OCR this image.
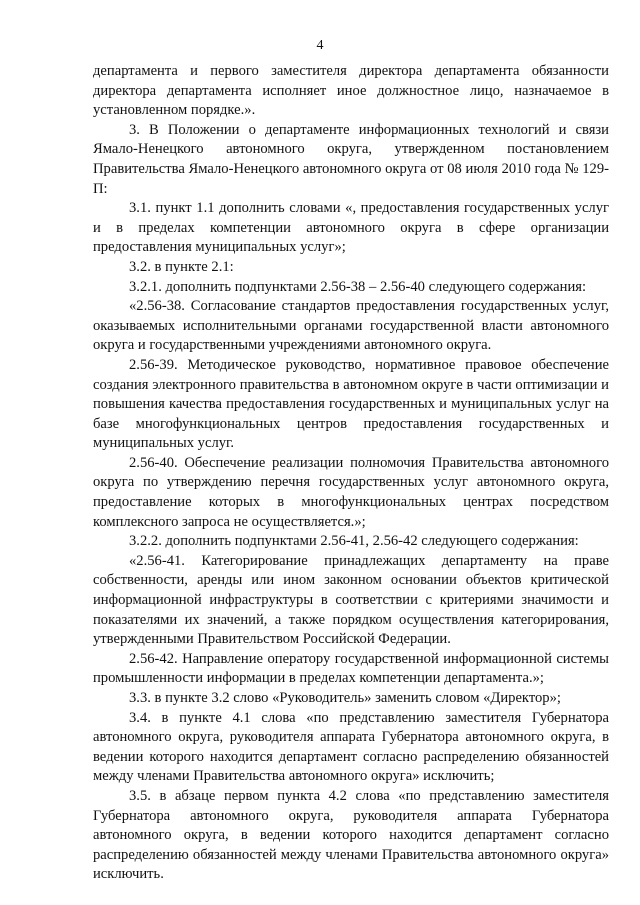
4

департамента и первого заместителя директора департамента обязанности директора департамента исполняет иное должностное лицо, назначаемое в установленном порядке.».

3. В Положении о департаменте информационных технологий и связи Ямало-Ненецкого автономного округа, утвержденном постановлением Правительства Ямало-Ненецкого автономного округа от 08 июля 2010 года № 129-П:

3.1. пункт 1.1 дополнить словами «, предоставления государственных услуг и в пределах компетенции автономного округа в сфере организации предоставления муниципальных услуг»;

3.2. в пункте 2.1:

3.2.1. дополнить подпунктами 2.56-38 – 2.56-40 следующего содержания:

«2.56-38. Согласование стандартов предоставления государственных услуг, оказываемых исполнительными органами государственной власти автономного округа и государственными учреждениями автономного округа.

2.56-39. Методическое руководство, нормативное правовое обеспечение создания электронного правительства в автономном округе в части оптимизации и повышения качества предоставления государственных и муниципальных услуг на базе многофункциональных центров предоставления государственных и муниципальных услуг.

2.56-40. Обеспечение реализации полномочия Правительства автономного округа по утверждению перечня государственных услуг автономного округа, предоставление которых в многофункциональных центрах посредством комплексного запроса не осуществляется.»;

3.2.2. дополнить подпунктами 2.56-41, 2.56-42 следующего содержания:

«2.56-41. Категорирование принадлежащих департаменту на праве собственности, аренды или ином законном основании объектов критической информационной инфраструктуры в соответствии с критериями значимости и показателями их значений, а также порядком осуществления категорирования, утвержденными Правительством Российской Федерации.

2.56-42. Направление оператору государственной информационной системы промышленности информации в пределах компетенции департамента.»;

3.3. в пункте 3.2 слово «Руководитель» заменить словом «Директор»;

3.4. в пункте 4.1 слова «по представлению заместителя Губернатора автономного округа, руководителя аппарата Губернатора автономного округа, в ведении которого находится департамент согласно распределению обязанностей между членами Правительства автономного округа» исключить;

3.5. в абзаце первом пункта 4.2 слова «по представлению заместителя Губернатора автономного округа, руководителя аппарата Губернатора автономного округа, в ведении которого находится департамент согласно распределению обязанностей между членами Правительства автономного округа» исключить.
